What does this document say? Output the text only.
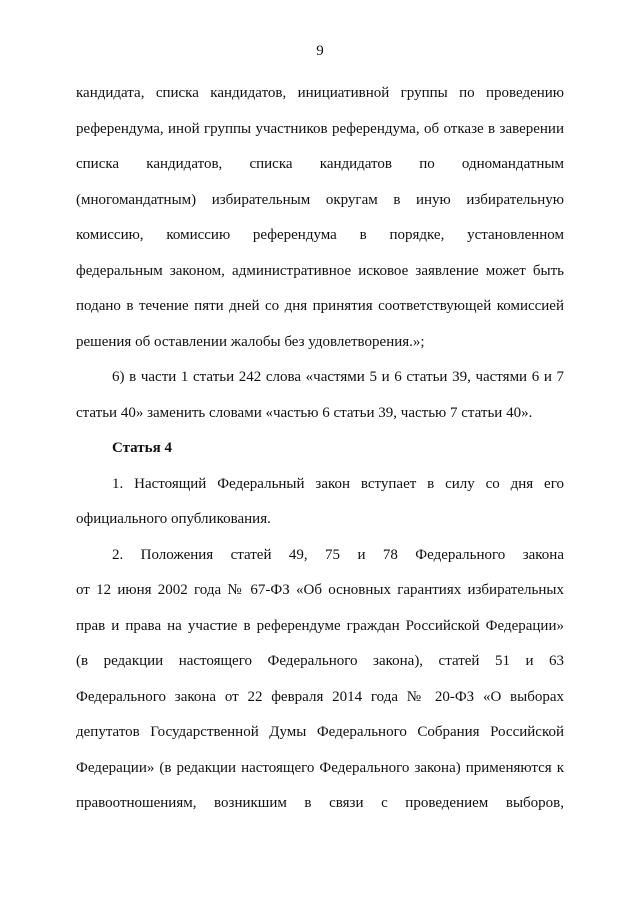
9
кандидата, списка кандидатов, инициативной группы по проведению
референдума, иной группы участников референдума, об отказе в заверении
списка кандидатов, списка кандидатов по одномандатным
(многомандатным) избирательным округам в иную избирательную
комиссию, комиссию референдума в порядке, установленном
федеральным законом, административное исковое заявление может быть
подано в течение пяти дней со дня принятия соответствующей комиссией
решения об оставлении жалобы без удовлетворения.»;
6) в части 1 статьи 242 слова «частями 5 и 6 статьи 39, частями 6 и 7
статьи 40» заменить словами «частью 6 статьи 39, частью 7 статьи 40».
Статья 4
1. Настоящий Федеральный закон вступает в силу со дня его
официального опубликования.
2. Положения статей 49, 75 и 78 Федерального закона
от 12 июня 2002 года № 67-ФЗ «Об основных гарантиях избирательных
прав и права на участие в референдуме граждан Российской Федерации»
(в редакции настоящего Федерального закона), статей 51 и 63
Федерального закона от 22 февраля 2014 года № 20-ФЗ «О выборах
депутатов Государственной Думы Федерального Собрания Российской
Федерации» (в редакции настоящего Федерального закона) применяются к
правоотношениям, возникшим в связи с проведением выборов,
